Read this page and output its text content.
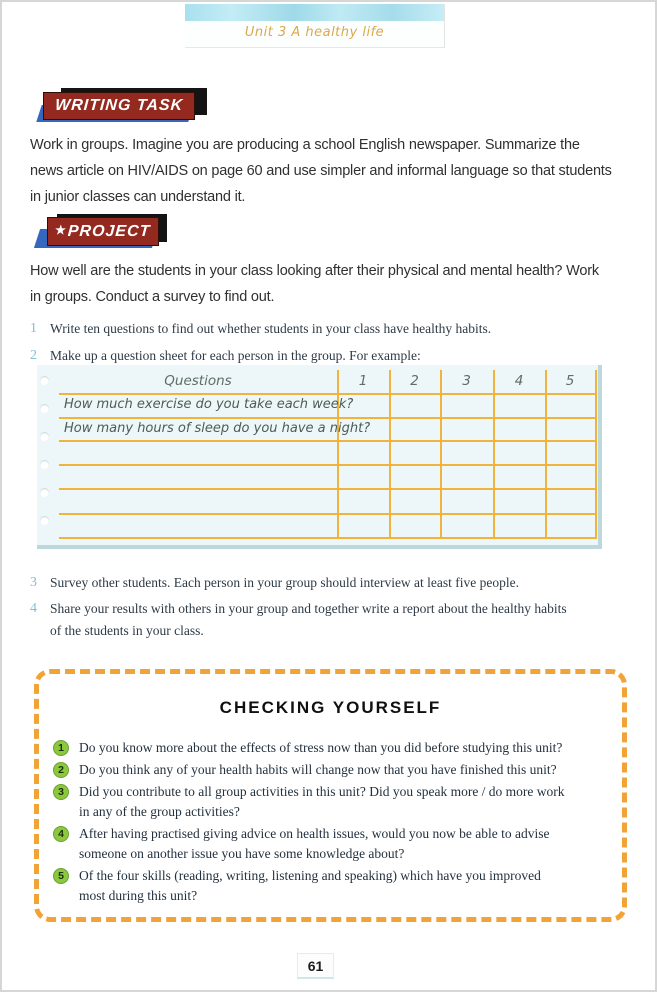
Unit 3 A healthy life
WRITING TASK
Work in groups. Imagine you are producing a school English newspaper. Summarize the
news article on HIV/AIDS on page 60 and use simpler and informal language so that students
in junior classes can understand it.
★PROJECT
How well are the students in your class looking after their physical and mental health? Work
in groups. Conduct a survey to find out.
1 Write ten questions to find out whether students in your class have healthy habits.
2 Make up a question sheet for each person in the group. For example:
Questions	1	2	3	4	5
How much exercise do you take each week?
How many hours of sleep do you have a night?
3 Survey other students. Each person in your group should interview at least five people.
4 Share your results with others in your group and together write a report about the healthy habits
of the students in your class.
CHECKING YOURSELF
1	Do you know more about the effects of stress now than you did before studying this unit?
2	Do you think any of your health habits will change now that you have finished this unit?
3	Did you contribute to all group activities in this unit? Did you speak more / do more work
in any of the group activities?
4	After having practised giving advice on health issues, would you now be able to advise
someone on another issue you have some knowledge about?
5	Of the four skills (reading, writing, listening and speaking) which have you improved
most during this unit?
61
